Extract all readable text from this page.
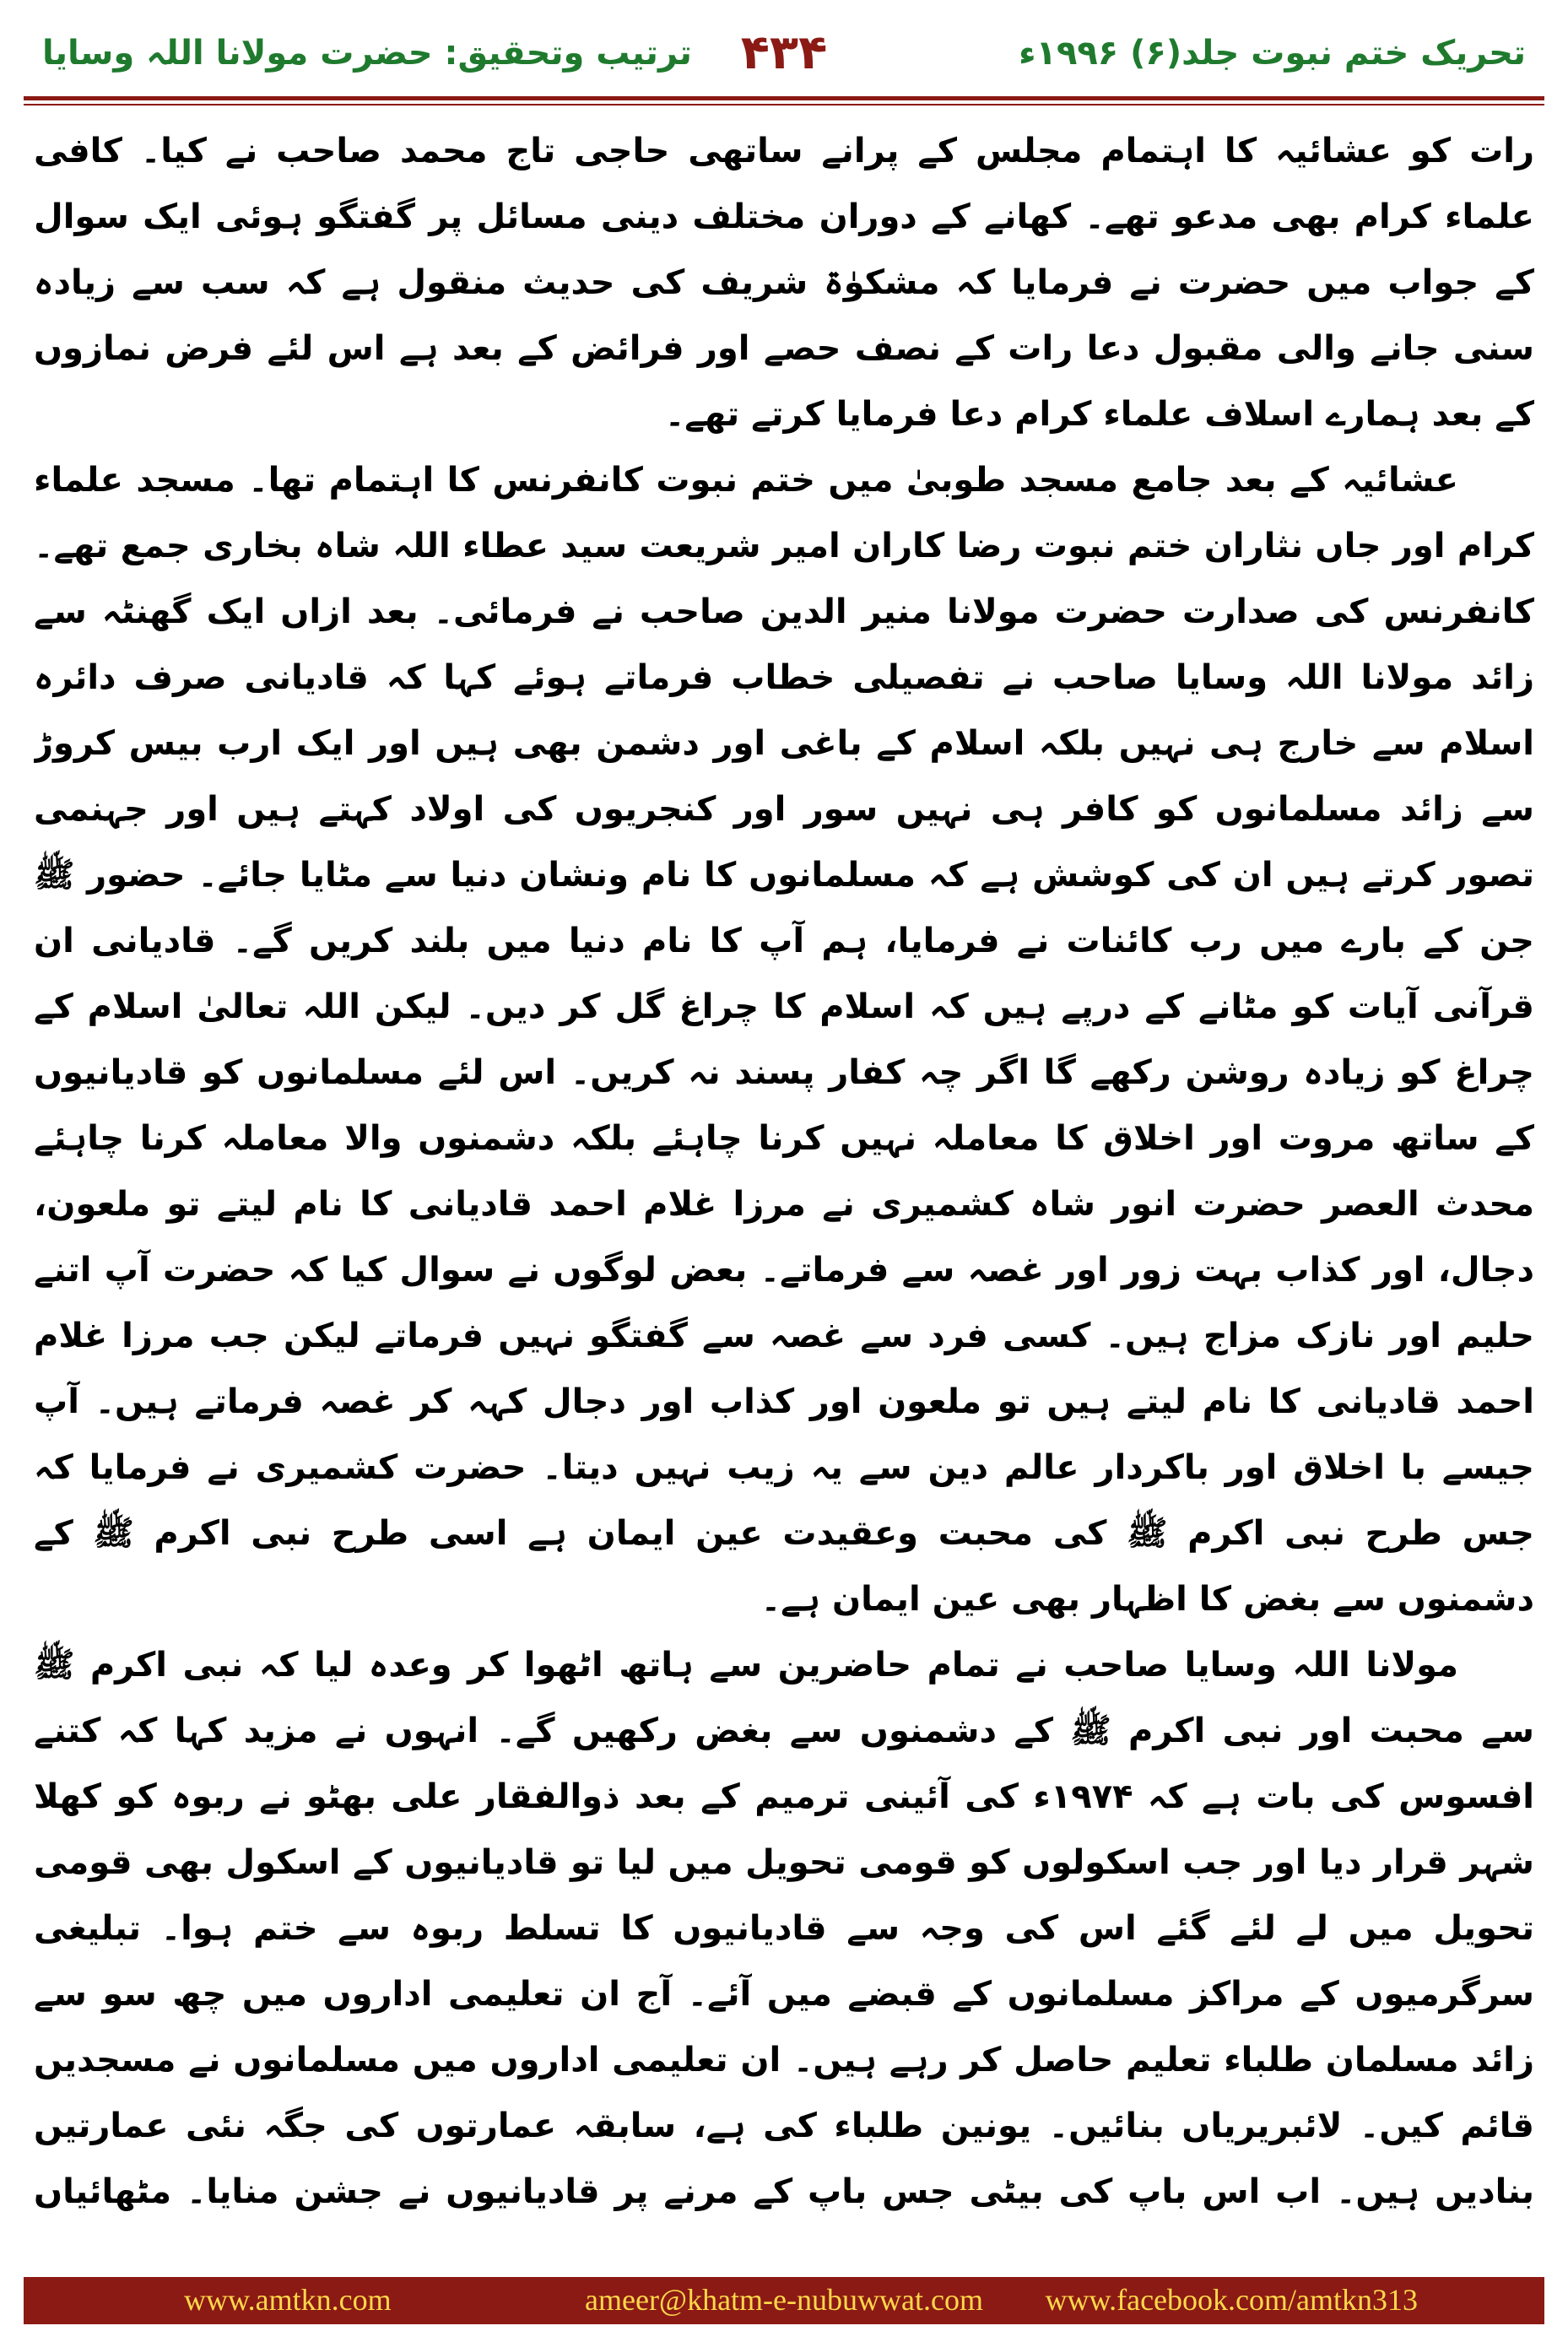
ترتیب وتحقیق: حضرت مولانا اللہ وسایا	۴۳۴	تحریک ختم نبوت جلد(۶) ۱۹۹۶ء

رات کو عشائیہ کا اہتمام مجلس کے پرانے ساتھی حاجی تاج محمد صاحب نے کیا۔ کافی علماء کرام بھی مدعو تھے۔ کھانے کے دوران مختلف دینی مسائل پر گفتگو ہوئی ایک سوال کے جواب میں حضرت نے فرمایا کہ مشکوٰۃ شریف کی حدیث منقول ہے کہ سب سے زیادہ سنی جانے والی مقبول دعا رات کے نصف حصے اور فرائض کے بعد ہے اس لئے فرض نمازوں کے بعد ہمارے اسلاف علماء کرام دعا فرمایا کرتے تھے۔

عشائیہ کے بعد جامع مسجد طوبیٰ میں ختم نبوت کانفرنس کا اہتمام تھا۔ مسجد علماء کرام اور جاں نثاران ختم نبوت رضا کاران امیر شریعت سید عطاء اللہ شاہ بخاری جمع تھے۔ کانفرنس کی صدارت حضرت مولانا منیر الدین صاحب نے فرمائی۔ بعد ازاں ایک گھنٹہ سے زائد مولانا اللہ وسایا صاحب نے تفصیلی خطاب فرماتے ہوئے کہا کہ قادیانی صرف دائرہ اسلام سے خارج ہی نہیں بلکہ اسلام کے باغی اور دشمن بھی ہیں اور ایک ارب بیس کروڑ سے زائد مسلمانوں کو کافر ہی نہیں سور اور کنجریوں کی اولاد کہتے ہیں اور جہنمی تصور کرتے ہیں ان کی کوشش ہے کہ مسلمانوں کا نام ونشان دنیا سے مٹایا جائے۔ حضور ﷺ جن کے بارے میں رب کائنات نے فرمایا، ہم آپ کا نام دنیا میں بلند کریں گے۔ قادیانی ان قرآنی آیات کو مٹانے کے درپے ہیں کہ اسلام کا چراغ گل کر دیں۔ لیکن اللہ تعالیٰ اسلام کے چراغ کو زیادہ روشن رکھے گا اگر چہ کفار پسند نہ کریں۔ اس لئے مسلمانوں کو قادیانیوں کے ساتھ مروت اور اخلاق کا معاملہ نہیں کرنا چاہئے بلکہ دشمنوں والا معاملہ کرنا چاہئے محدث العصر حضرت انور شاہ کشمیری نے مرزا غلام احمد قادیانی کا نام لیتے تو ملعون، دجال، اور کذاب بہت زور اور غصہ سے فرماتے۔ بعض لوگوں نے سوال کیا کہ حضرت آپ اتنے حلیم اور نازک مزاج ہیں۔ کسی فرد سے غصہ سے گفتگو نہیں فرماتے لیکن جب مرزا غلام احمد قادیانی کا نام لیتے ہیں تو ملعون اور کذاب اور دجال کہہ کر غصہ فرماتے ہیں۔ آپ جیسے با اخلاق اور باکردار عالم دین سے یہ زیب نہیں دیتا۔ حضرت کشمیری نے فرمایا کہ جس طرح نبی اکرم ﷺ کی محبت وعقیدت عین ایمان ہے اسی طرح نبی اکرم ﷺ کے دشمنوں سے بغض کا اظہار بھی عین ایمان ہے۔

مولانا اللہ وسایا صاحب نے تمام حاضرین سے ہاتھ اٹھوا کر وعدہ لیا کہ نبی اکرم ﷺ سے محبت اور نبی اکرم ﷺ کے دشمنوں سے بغض رکھیں گے۔ انہوں نے مزید کہا کہ کتنے افسوس کی بات ہے کہ ۱۹۷۴ء کی آئینی ترمیم کے بعد ذوالفقار علی بھٹو نے ربوہ کو کھلا شہر قرار دیا اور جب اسکولوں کو قومی تحویل میں لیا تو قادیانیوں کے اسکول بھی قومی تحویل میں لے لئے گئے اس کی وجہ سے قادیانیوں کا تسلط ربوہ سے ختم ہوا۔ تبلیغی سرگرمیوں کے مراکز مسلمانوں کے قبضے میں آئے۔ آج ان تعلیمی اداروں میں چھ سو سے زائد مسلمان طلباء تعلیم حاصل کر رہے ہیں۔ ان تعلیمی اداروں میں مسلمانوں نے مسجدیں قائم کیں۔ لائبریریاں بنائیں۔ یونین طلباء کی ہے، سابقہ عمارتوں کی جگہ نئی عمارتیں بنادیں ہیں۔ اب اس باپ کی بیٹی جس باپ کے مرنے پر قادیانیوں نے جشن منایا۔ مٹھائیاں

www.amtkn.com	ameer@khatm-e-nubuwwat.com	www.facebook.com/amtkn313
